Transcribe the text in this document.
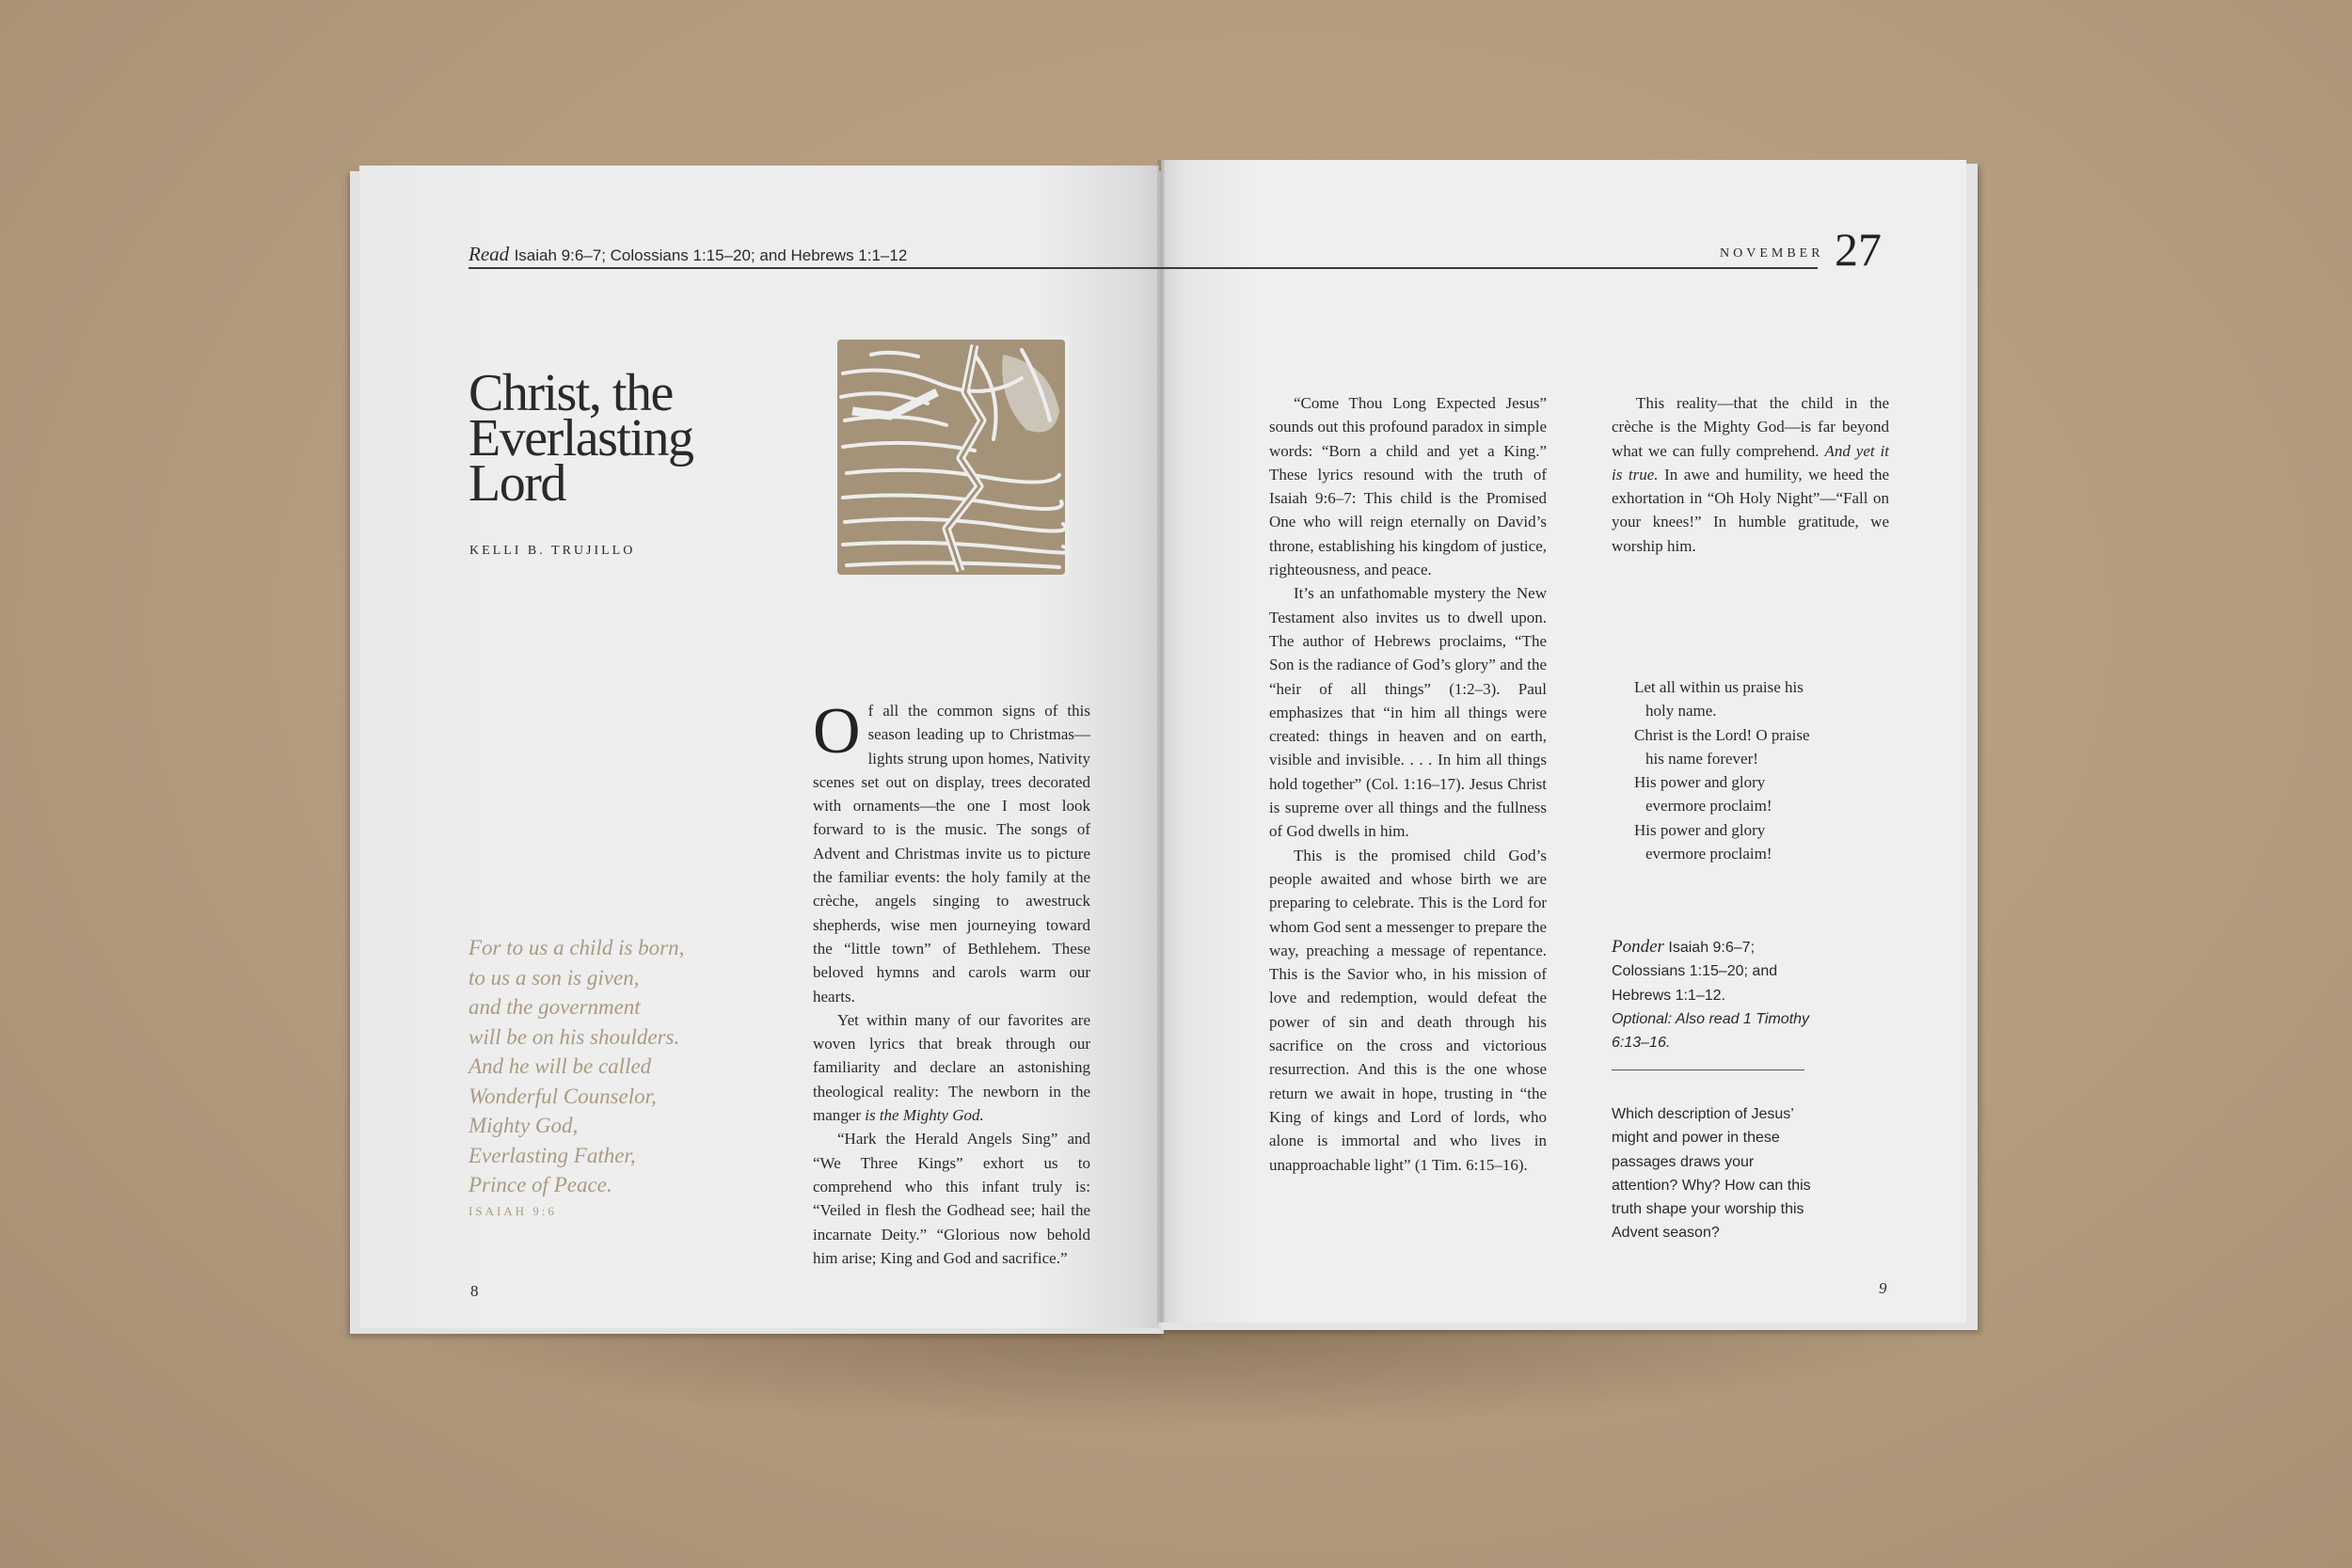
Read Isaiah 9:6–7; Colossians 1:15–20; and Hebrews 1:1–12	NOVEMBER 27
Christ, the
Everlasting
Lord
KELLI B. TRUJILLO
For to us a child is born,
to us a son is given,
and the government
will be on his shoulders.
And he will be called
Wonderful Counselor,
Mighty God,
Everlasting Father,
Prince of Peace.
ISAIAH 9:6

Of all the common signs of this season leading up to Christmas—lights strung upon homes, Nativity scenes set out on display, trees decorated with ornaments—the one I most look forward to is the music. The songs of Advent and Christmas invite us to picture the familiar events: the holy family at the crèche, angels singing to awestruck shepherds, wise men journeying toward the “little town” of Bethlehem. These beloved hymns and carols warm our hearts.

Yet within many of our favorites are woven lyrics that break through our familiarity and declare an astonishing theological reality: The newborn in the manger is the Mighty God.

“Hark the Herald Angels Sing” and “We Three Kings” exhort us to comprehend who this infant truly is: “Veiled in flesh the Godhead see; hail the incarnate Deity.” “Glorious now behold him arise; King and God and sacrifice.”

“Come Thou Long Expected Jesus” sounds out this profound paradox in simple words: “Born a child and yet a King.” These lyrics resound with the truth of Isaiah 9:6–7: This child is the Promised One who will reign eternally on David’s throne, establishing his kingdom of justice, righteousness, and peace.

It’s an unfathomable mystery the New Testament also invites us to dwell upon. The author of Hebrews proclaims, “The Son is the radiance of God’s glory” and the “heir of all things” (1:2–3). Paul emphasizes that “in him all things were created: things in heaven and on earth, visible and invisible. . . . In him all things hold together” (Col. 1:16–17). Jesus Christ is supreme over all things and the fullness of God dwells in him.

This is the promised child God’s people awaited and whose birth we are preparing to celebrate. This is the Lord for whom God sent a messenger to prepare the way, preaching a message of repentance. This is the Savior who, in his mission of love and redemption, would defeat the power of sin and death through his sacrifice on the cross and victorious resurrection. And this is the one whose return we await in hope, trusting in “the King of kings and Lord of lords, who alone is immortal and who lives in unapproachable light” (1 Tim. 6:15–16).

This reality—that the child in the crèche is the Mighty God—is far beyond what we can fully comprehend. And yet it is true. In awe and humility, we heed the exhortation in “Oh Holy Night”—“Fall on your knees!” In humble gratitude, we worship him.

Let all within us praise his
holy name.
Christ is the Lord! O praise
his name forever!
His power and glory
evermore proclaim!
His power and glory
evermore proclaim!
Ponder Isaiah 9:6–7; Colossians 1:15–20; and Hebrews 1:1–12.
Optional: Also read 1 Timothy 6:13–16.
Which description of Jesus’ might and power in these passages draws your attention? Why? How can this truth shape your worship this Advent season?
8	9
